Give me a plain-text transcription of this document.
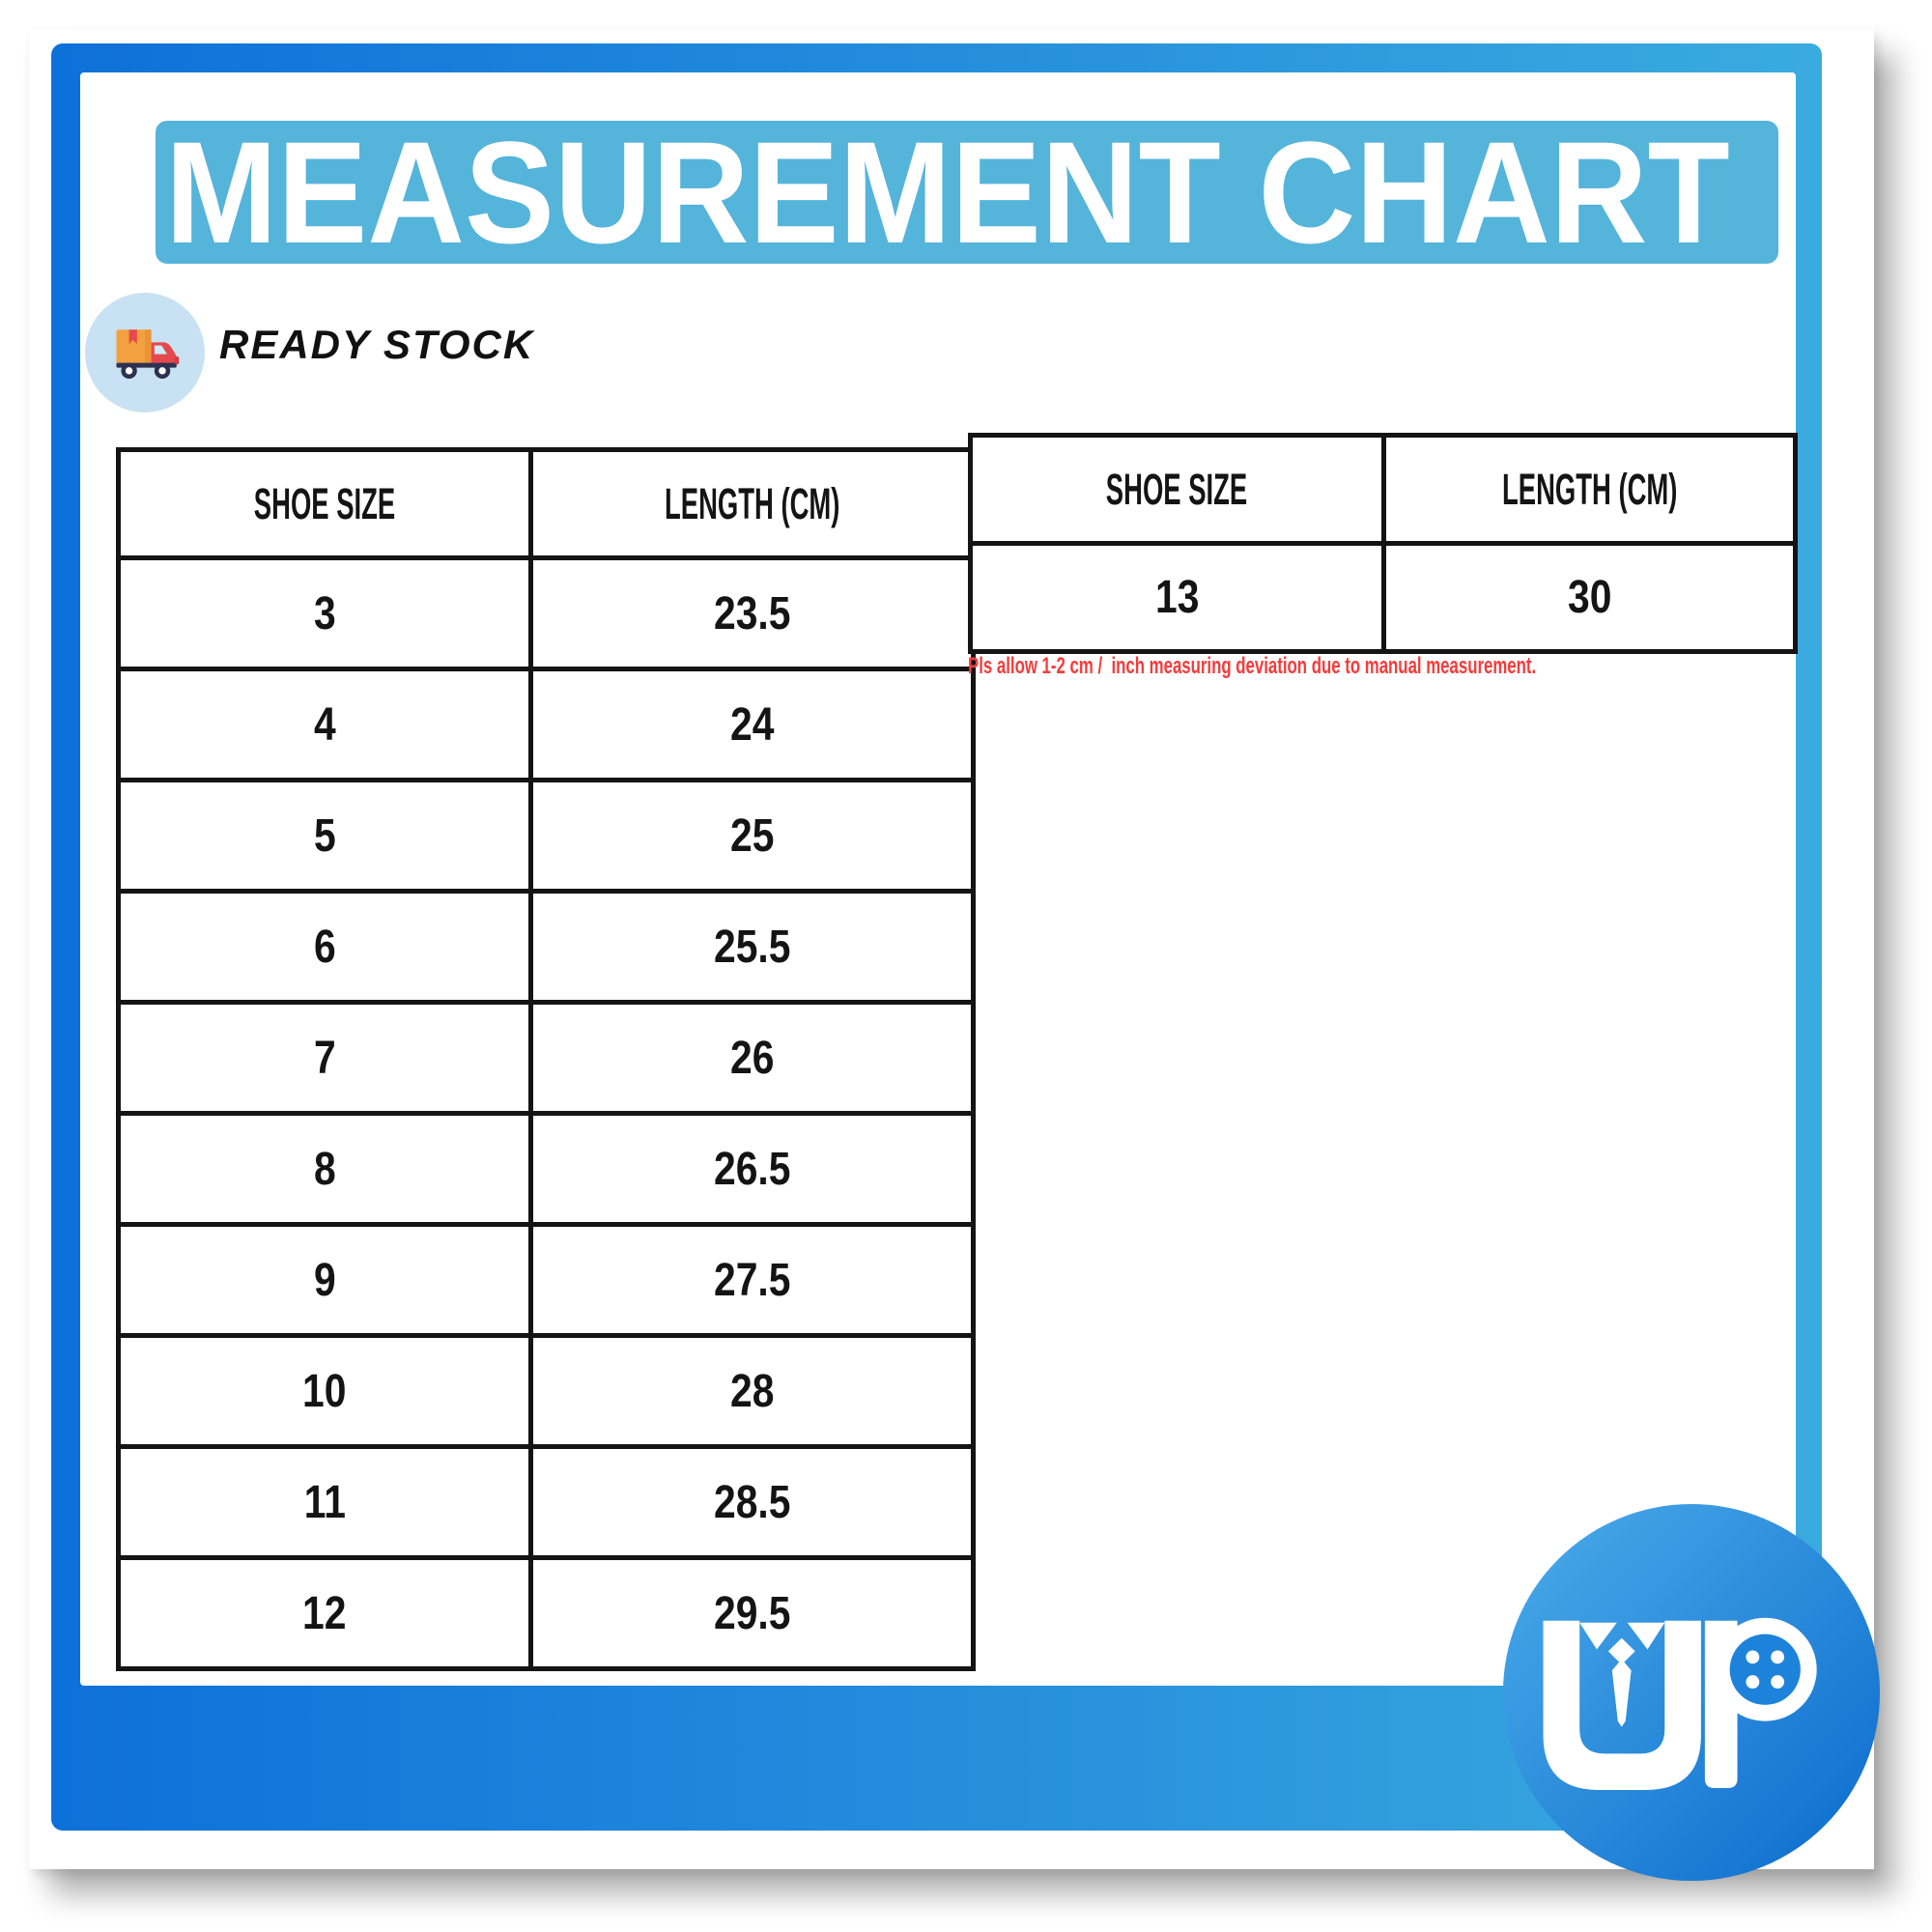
MEASUREMENT CHART
READY STOCK
SHOE SIZE	LENGTH (CM)
3	23.5
4	24
5	25
6	25.5
7	26
8	26.5
9	27.5
10	28
11	28.5
12	29.5
SHOE SIZE	LENGTH (CM)
13	30
Pls allow 1-2 cm /  inch measuring deviation due to manual measurement.
